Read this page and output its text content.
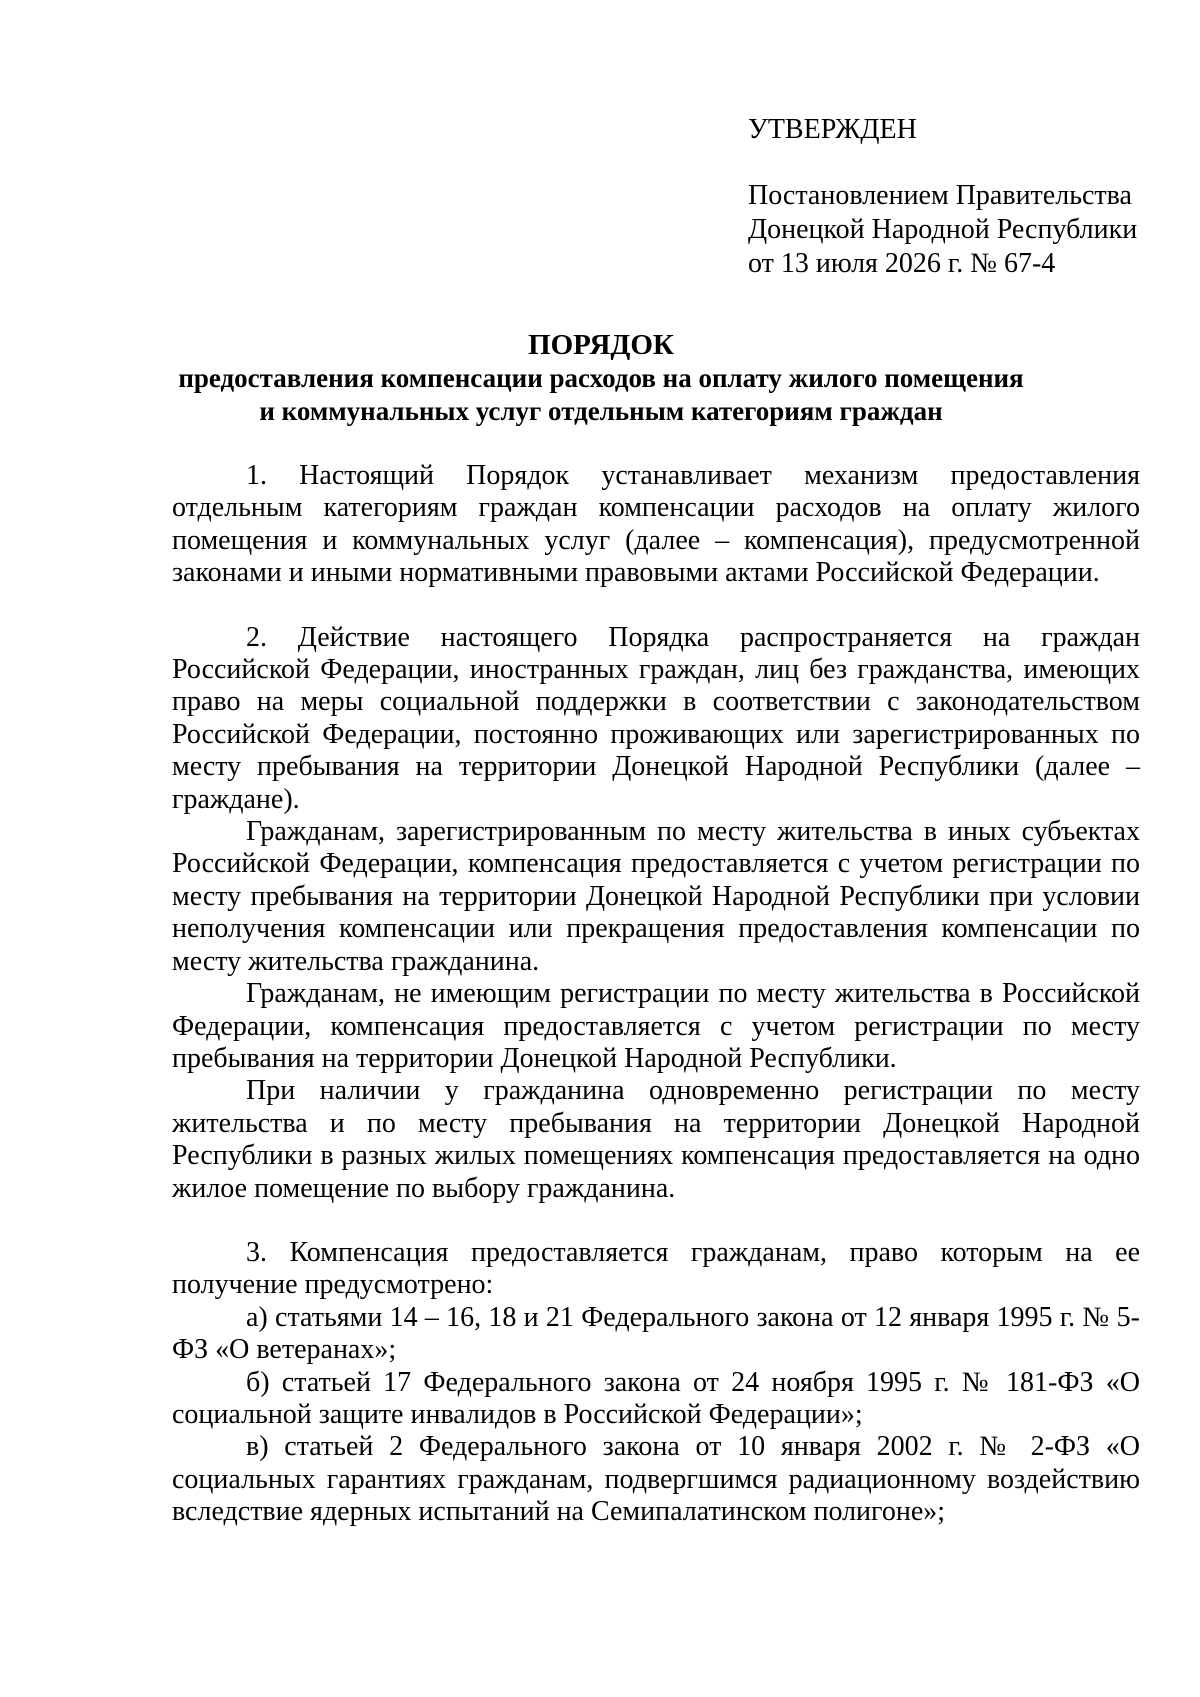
УТВЕРЖДЕН
Постановлением Правительства
Донецкой Народной Республики
от 13 июля 2026 г. № 67-4
ПОРЯДОК
предоставления компенсации расходов на оплату жилого помещения
и коммунальных услуг отдельным категориям граждан

1. Настоящий Порядок устанавливает механизм предоставления отдельным категориям граждан компенсации расходов на оплату жилого помещения и коммунальных услуг (далее – компенсация), предусмотренной законами и иными нормативными правовыми актами Российской Федерации.

2. Действие настоящего Порядка распространяется на граждан Российской Федерации, иностранных граждан, лиц без гражданства, имеющих право на меры социальной поддержки в соответствии с законодательством Российской Федерации, постоянно проживающих или зарегистрированных по месту пребывания на территории Донецкой Народной Республики (далее – граждане).

Гражданам, зарегистрированным по месту жительства в иных субъектах Российской Федерации, компенсация предоставляется с учетом регистрации по месту пребывания на территории Донецкой Народной Республики при условии неполучения компенсации или прекращения предоставления компенсации по месту жительства гражданина.

Гражданам, не имеющим регистрации по месту жительства в Российской Федерации, компенсация предоставляется с учетом регистрации по месту пребывания на территории Донецкой Народной Республики.

При наличии у гражданина одновременно регистрации по месту жительства и по месту пребывания на территории Донецкой Народной Республики в разных жилых помещениях компенсация предоставляется на одно жилое помещение по выбору гражданина.

3. Компенсация предоставляется гражданам, право которым на ее получение предусмотрено:

а) статьями 14 – 16, 18 и 21 Федерального закона от 12 января 1995 г. № 5-ФЗ «О ветеранах»;

б) статьей 17 Федерального закона от 24 ноября 1995 г. № 181-ФЗ «О социальной защите инвалидов в Российской Федерации»;

в) статьей 2 Федерального закона от 10 января 2002 г. № 2-ФЗ «О социальных гарантиях гражданам, подвергшимся радиационному воздействию вследствие ядерных испытаний на Семипалатинском полигоне»;
